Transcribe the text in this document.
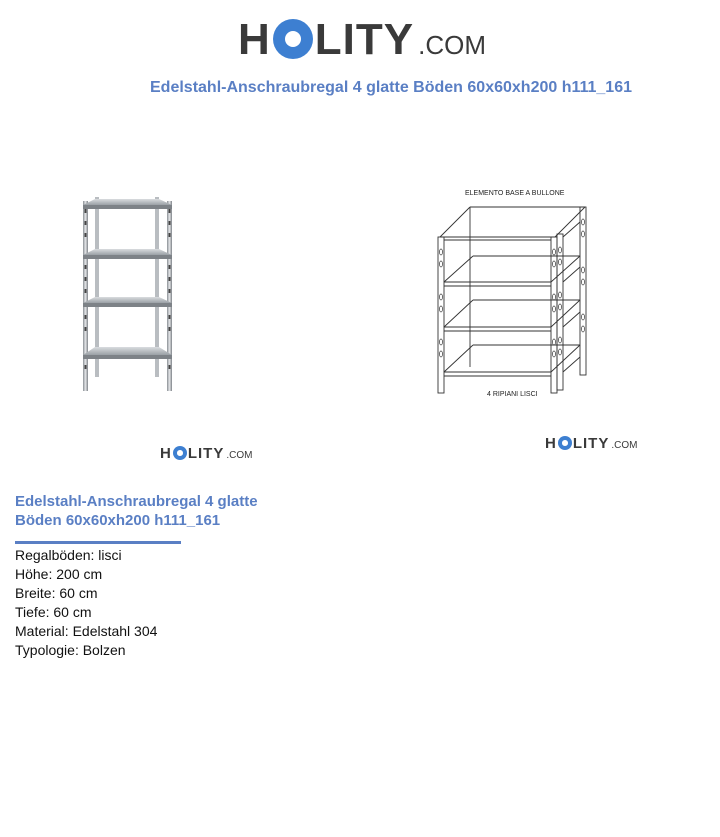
H LITY .COM
Edelstahl-Anschraubregal 4 glatte Böden 60x60xh200 h111_161
ELEMENTO BASE A BULLONE
4 RIPIANI LISCI
H LITY .COM
H LITY .COM
Edelstahl-Anschraubregal 4 glatte Böden 60x60xh200 h111_161
Regalböden: lisci
Höhe: 200 cm
Breite: 60 cm
Tiefe: 60 cm
Material: Edelstahl 304
Typologie: Bolzen
